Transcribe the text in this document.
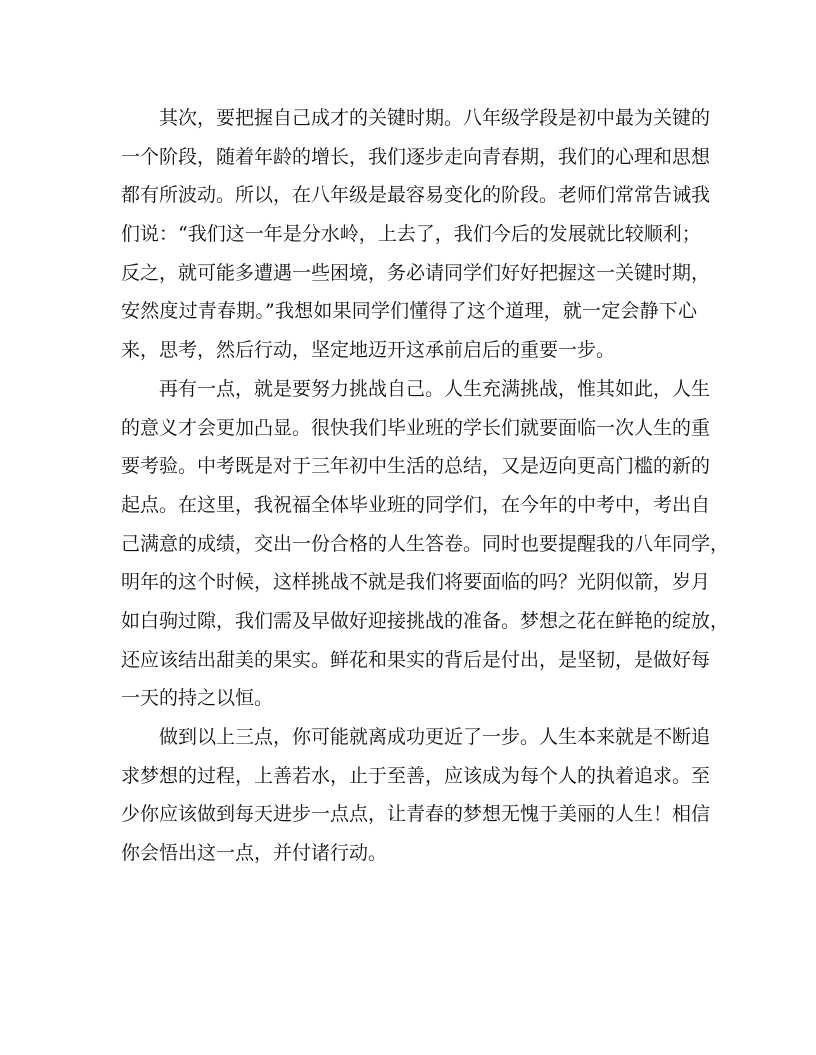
其次，要把握自己成才的关键时期。八年级学段是初中最为关键的
一个阶段，随着年龄的增长，我们逐步走向青春期，我们的心理和思想
都有所波动。所以，在八年级是最容易变化的阶段。老师们常常告诫我
们说：“我们这一年是分水岭，上去了，我们今后的发展就比较顺利；
反之，就可能多遭遇一些困境，务必请同学们好好把握这一关键时期，
安然度过青春期。”我想如果同学们懂得了这个道理，就一定会静下心
来，思考，然后行动，坚定地迈开这承前启后的重要一步。
再有一点，就是要努力挑战自己。人生充满挑战，惟其如此，人生
的意义才会更加凸显。很快我们毕业班的学长们就要面临一次人生的重
要考验。中考既是对于三年初中生活的总结，又是迈向更高门槛的新的
起点。在这里，我祝福全体毕业班的同学们，在今年的中考中，考出自
己满意的成绩，交出一份合格的人生答卷。同时也要提醒我的八年同学，
明年的这个时候，这样挑战不就是我们将要面临的吗？光阴似箭，岁月
如白驹过隙，我们需及早做好迎接挑战的准备。梦想之花在鲜艳的绽放，
还应该结出甜美的果实。鲜花和果实的背后是付出，是坚韧，是做好每
一天的持之以恒。
做到以上三点，你可能就离成功更近了一步。人生本来就是不断追
求梦想的过程，上善若水，止于至善，应该成为每个人的执着追求。至
少你应该做到每天进步一点点，让青春的梦想无愧于美丽的人生！相信
你会悟出这一点，并付诸行动。
